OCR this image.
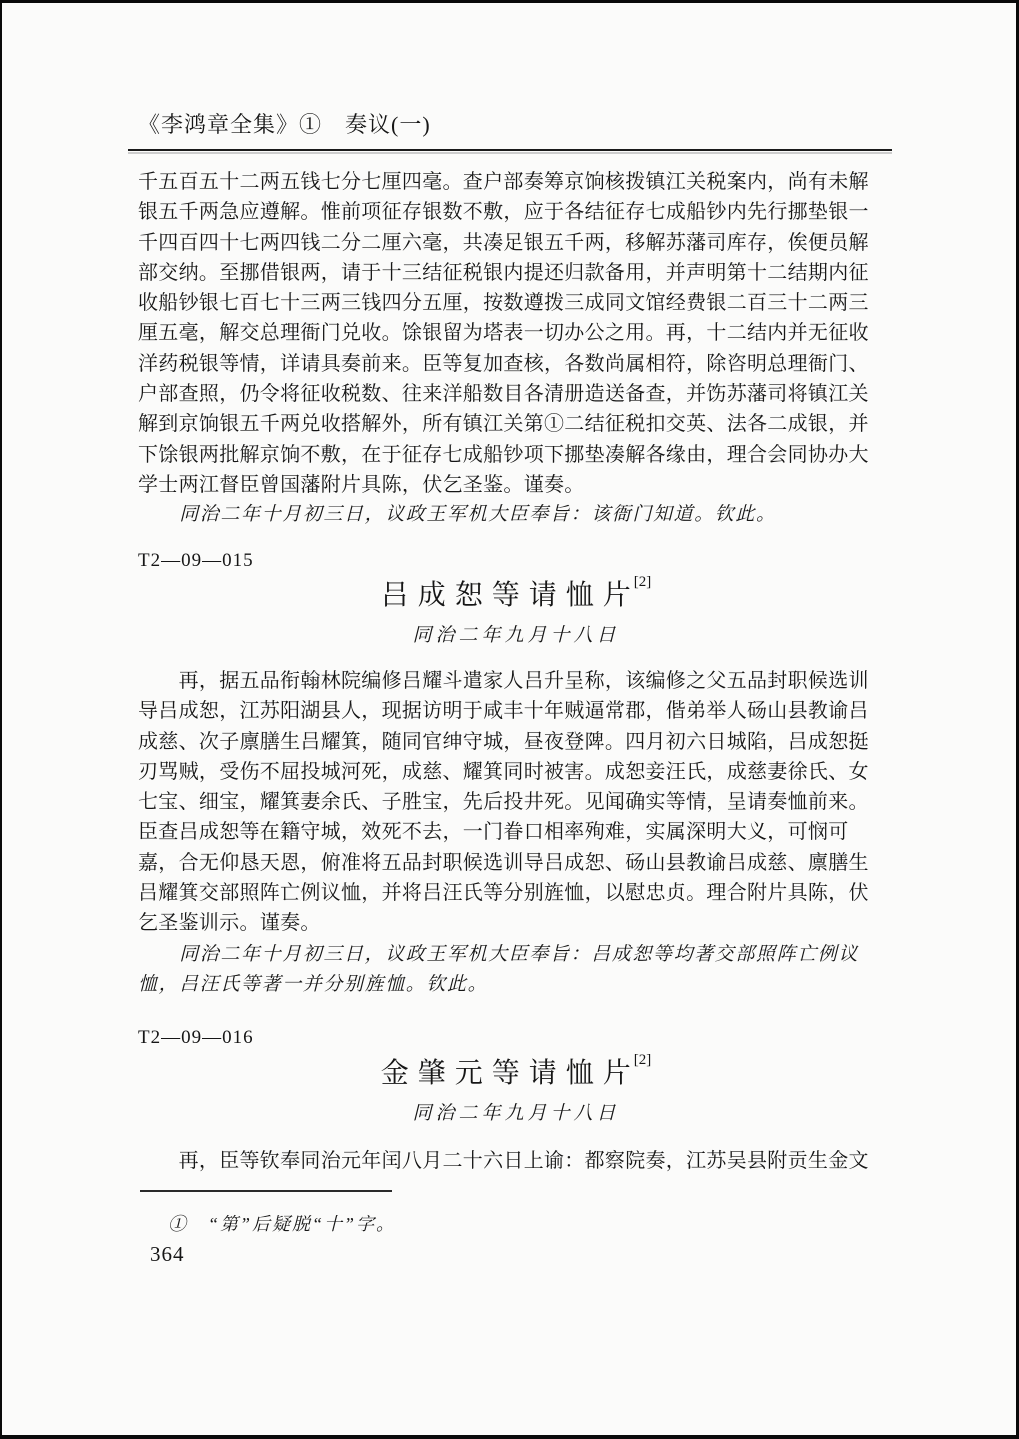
《李鸿章全集》①　奏议(一)
千五百五十二两五钱七分七厘四毫。查户部奏筹京饷核拨镇江关税案内，尚有未解
银五千两急应遵解。惟前项征存银数不敷，应于各结征存七成船钞内先行挪垫银一
千四百四十七两四钱二分二厘六毫，共凑足银五千两，移解苏藩司库存，俟便员解
部交纳。至挪借银两，请于十三结征税银内提还归款备用，并声明第十二结期内征
收船钞银七百七十三两三钱四分五厘，按数遵拨三成同文馆经费银二百三十二两三
厘五毫，解交总理衙门兑收。馀银留为塔表一切办公之用。再，十二结内并无征收
洋药税银等情，详请具奏前来。臣等复加查核，各数尚属相符，除咨明总理衙门、
户部查照，仍令将征收税数、往来洋船数目各清册造送备查，并饬苏藩司将镇江关
解到京饷银五千两兑收搭解外，所有镇江关第①二结征税扣交英、法各二成银，并
下馀银两批解京饷不敷，在于征存七成船钞项下挪垫凑解各缘由，理合会同协办大
学士两江督臣曾国藩附片具陈，伏乞圣鉴。谨奏。
　　同治二年十月初三日，议政王军机大臣奉旨：该衙门知道。钦此。
T2—09—015
吕成恕等请恤片[2]
同治二年九月十八日
　　再，据五品衔翰林院编修吕耀斗遣家人吕升呈称，该编修之父五品封职候选训
导吕成恕，江苏阳湖县人，现据访明于咸丰十年贼逼常郡，偕弟举人砀山县教谕吕
成慈、次子廪膳生吕耀箕，随同官绅守城，昼夜登陴。四月初六日城陷，吕成恕挺
刃骂贼，受伤不屈投城河死，成慈、耀箕同时被害。成恕妾汪氏，成慈妻徐氏、女
七宝、细宝，耀箕妻余氏、子胜宝，先后投井死。见闻确实等情，呈请奏恤前来。
臣查吕成恕等在籍守城，效死不去，一门眷口相率殉难，实属深明大义，可悯可
嘉，合无仰恳天恩，俯准将五品封职候选训导吕成恕、砀山县教谕吕成慈、廪膳生
吕耀箕交部照阵亡例议恤，并将吕汪氏等分别旌恤，以慰忠贞。理合附片具陈，伏
乞圣鉴训示。谨奏。
　　同治二年十月初三日，议政王军机大臣奉旨：吕成恕等均著交部照阵亡例议
恤，吕汪氏等著一并分别旌恤。钦此。
T2—09—016
金肇元等请恤片[2]
同治二年九月十八日
　　再，臣等钦奉同治元年闰八月二十六日上谕：都察院奏，江苏吴县附贡生金文
①　“第”后疑脱“十”字。
364
